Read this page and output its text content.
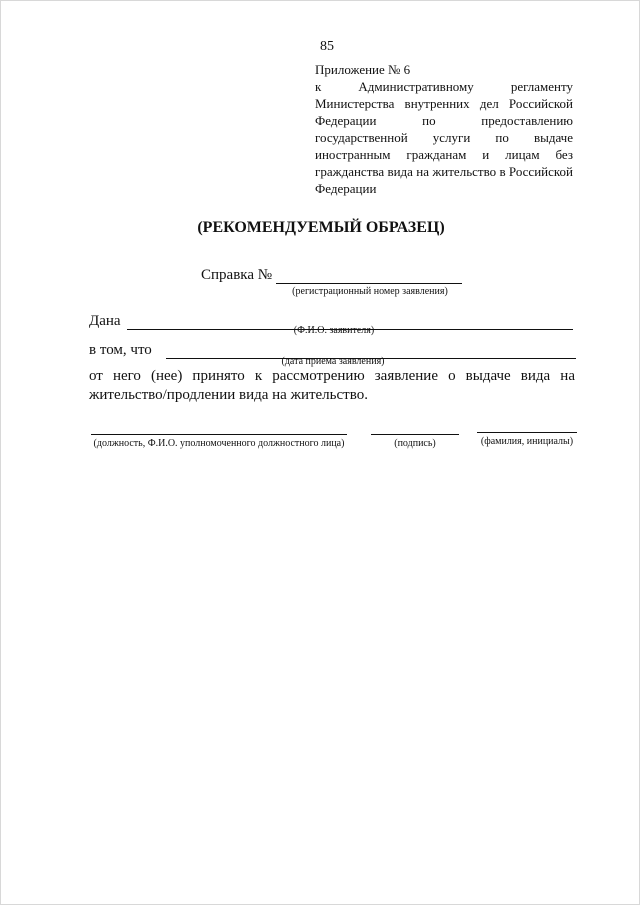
85
Приложение № 6
к Административному регламенту
Министерства внутренних дел Российской
Федерации по предоставлению
государственной услуги по выдаче
иностранным гражданам и лицам без
гражданства вида на жительство в Российской
Федерации
(РЕКОМЕНДУЕМЫЙ ОБРАЗЕЦ)
Справка №
(регистрационный номер заявления)
Дана
(Ф.И.О. заявителя)
в том, что
(дата приема заявления)
от него (нее) принято к рассмотрению заявление о выдаче вида на жительство/продлении вида на жительство.
(должность, Ф.И.О. уполномоченного должностного лица)	(подпись)	(фамилия, инициалы)
